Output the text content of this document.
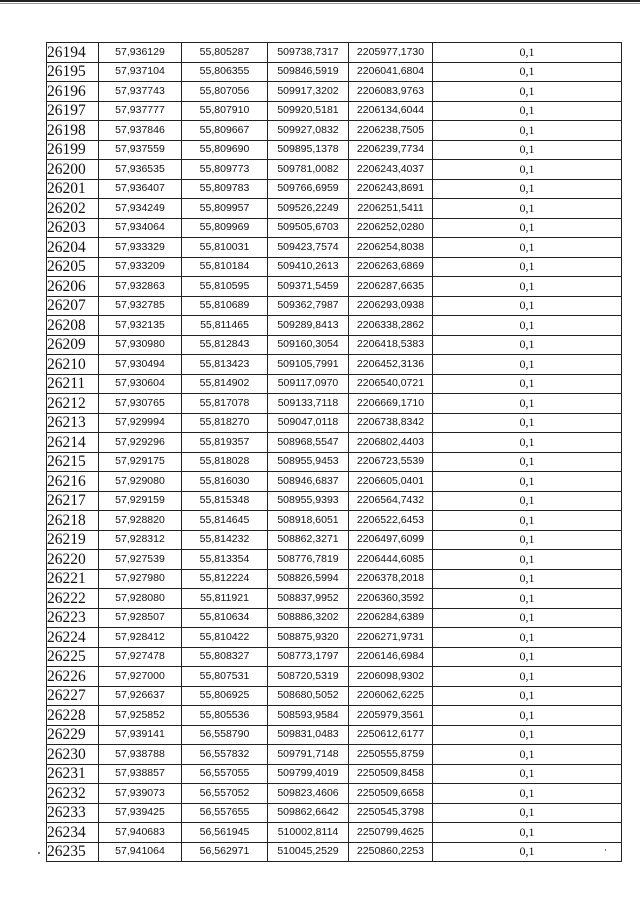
26194	57,936129	55,805287	509738,7317	2205977,1730	0,1
26195	57,937104	55,806355	509846,5919	2206041,6804	0,1
26196	57,937743	55,807056	509917,3202	2206083,9763	0,1
26197	57,937777	55,807910	509920,5181	2206134,6044	0,1
26198	57,937846	55,809667	509927,0832	2206238,7505	0,1
26199	57,937559	55,809690	509895,1378	2206239,7734	0,1
26200	57,936535	55,809773	509781,0082	2206243,4037	0,1
26201	57,936407	55,809783	509766,6959	2206243,8691	0,1
26202	57,934249	55,809957	509526,2249	2206251,5411	0,1
26203	57,934064	55,809969	509505,6703	2206252,0280	0,1
26204	57,933329	55,810031	509423,7574	2206254,8038	0,1
26205	57,933209	55,810184	509410,2613	2206263,6869	0,1
26206	57,932863	55,810595	509371,5459	2206287,6635	0,1
26207	57,932785	55,810689	509362,7987	2206293,0938	0,1
26208	57,932135	55,811465	509289,8413	2206338,2862	0,1
26209	57,930980	55,812843	509160,3054	2206418,5383	0,1
26210	57,930494	55,813423	509105,7991	2206452,3136	0,1
26211	57,930604	55,814902	509117,0970	2206540,0721	0,1
26212	57,930765	55,817078	509133,7118	2206669,1710	0,1
26213	57,929994	55,818270	509047,0118	2206738,8342	0,1
26214	57,929296	55,819357	508968,5547	2206802,4403	0,1
26215	57,929175	55,818028	508955,9453	2206723,5539	0,1
26216	57,929080	55,816030	508946,6837	2206605,0401	0,1
26217	57,929159	55,815348	508955,9393	2206564,7432	0,1
26218	57,928820	55,814645	508918,6051	2206522,6453	0,1
26219	57,928312	55,814232	508862,3271	2206497,6099	0,1
26220	57,927539	55,813354	508776,7819	2206444,6085	0,1
26221	57,927980	55,812224	508826,5994	2206378,2018	0,1
26222	57,928080	55,811921	508837,9952	2206360,3592	0,1
26223	57,928507	55,810634	508886,3202	2206284,6389	0,1
26224	57,928412	55,810422	508875,9320	2206271,9731	0,1
26225	57,927478	55,808327	508773,1797	2206146,6984	0,1
26226	57,927000	55,807531	508720,5319	2206098,9302	0,1
26227	57,926637	55,806925	508680,5052	2206062,6225	0,1
26228	57,925852	55,805536	508593,9584	2205979,3561	0,1
26229	57,939141	56,558790	509831,0483	2250612,6177	0,1
26230	57,938788	56,557832	509791,7148	2250555,8759	0,1
26231	57,938857	56,557055	509799,4019	2250509,8458	0,1
26232	57,939073	56,557052	509823,4606	2250509,6658	0,1
26233	57,939425	56,557655	509862,6642	2250545,3798	0,1
26234	57,940683	56,561945	510002,8114	2250799,4625	0,1
26235	57,941064	56,562971	510045,2529	2250860,2253	0,1
